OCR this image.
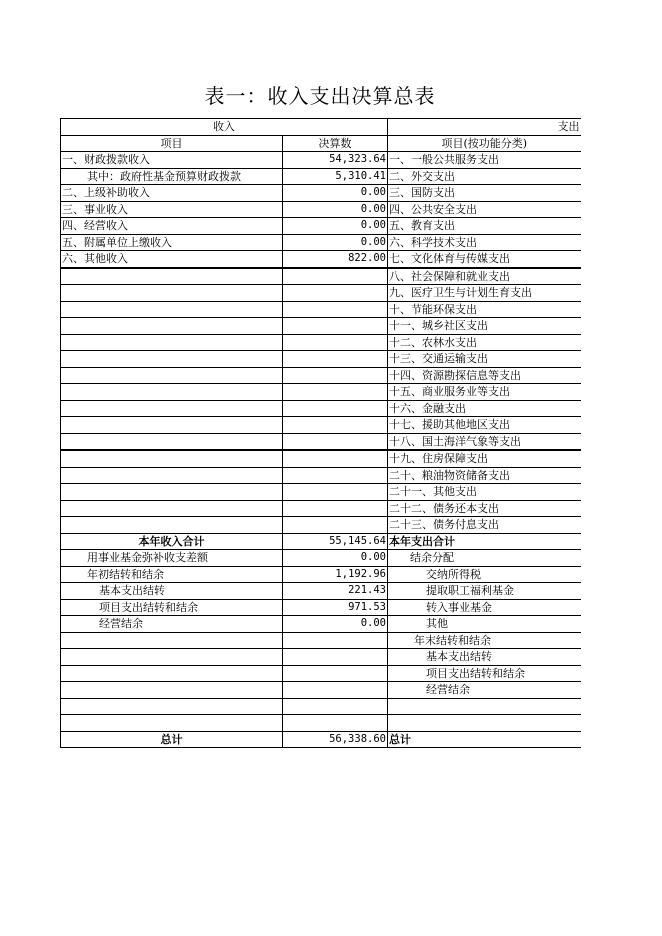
表一：收入支出决算总表
收入		支出
项目	决算数	项目(按功能分类)
一、财政拨款收入	54,323.64	一、一般公共服务支出
其中：政府性基金预算财政拨款	5,310.41	二、外交支出
二、上级补助收入	0.00	三、国防支出
三、事业收入	0.00	四、公共安全支出
四、经营收入	0.00	五、教育支出
五、附属单位上缴收入	0.00	六、科学技术支出
六、其他收入	822.00	七、文化体育与传媒支出
		八、社会保障和就业支出
		九、医疗卫生与计划生育支出
		十、节能环保支出
		十一、城乡社区支出
		十二、农林水支出
		十三、交通运输支出
		十四、资源勘探信息等支出
		十五、商业服务业等支出
		十六、金融支出
		十七、援助其他地区支出
		十八、国土海洋气象等支出
		十九、住房保障支出
		二十、粮油物资储备支出
		二十一、其他支出
		二十二、债务还本支出
		二十三、债务付息支出
本年收入合计	55,145.64	本年支出合计
用事业基金弥补收支差额	0.00	结余分配
年初结转和结余	1,192.96	交纳所得税
基本支出结转	221.43	提取职工福利基金
项目支出结转和结余	971.53	转入事业基金
经营结余	0.00	其他
		年末结转和结余
		基本支出结转
		项目支出结转和结余
		经营结余

总计	56,338.60	总计
